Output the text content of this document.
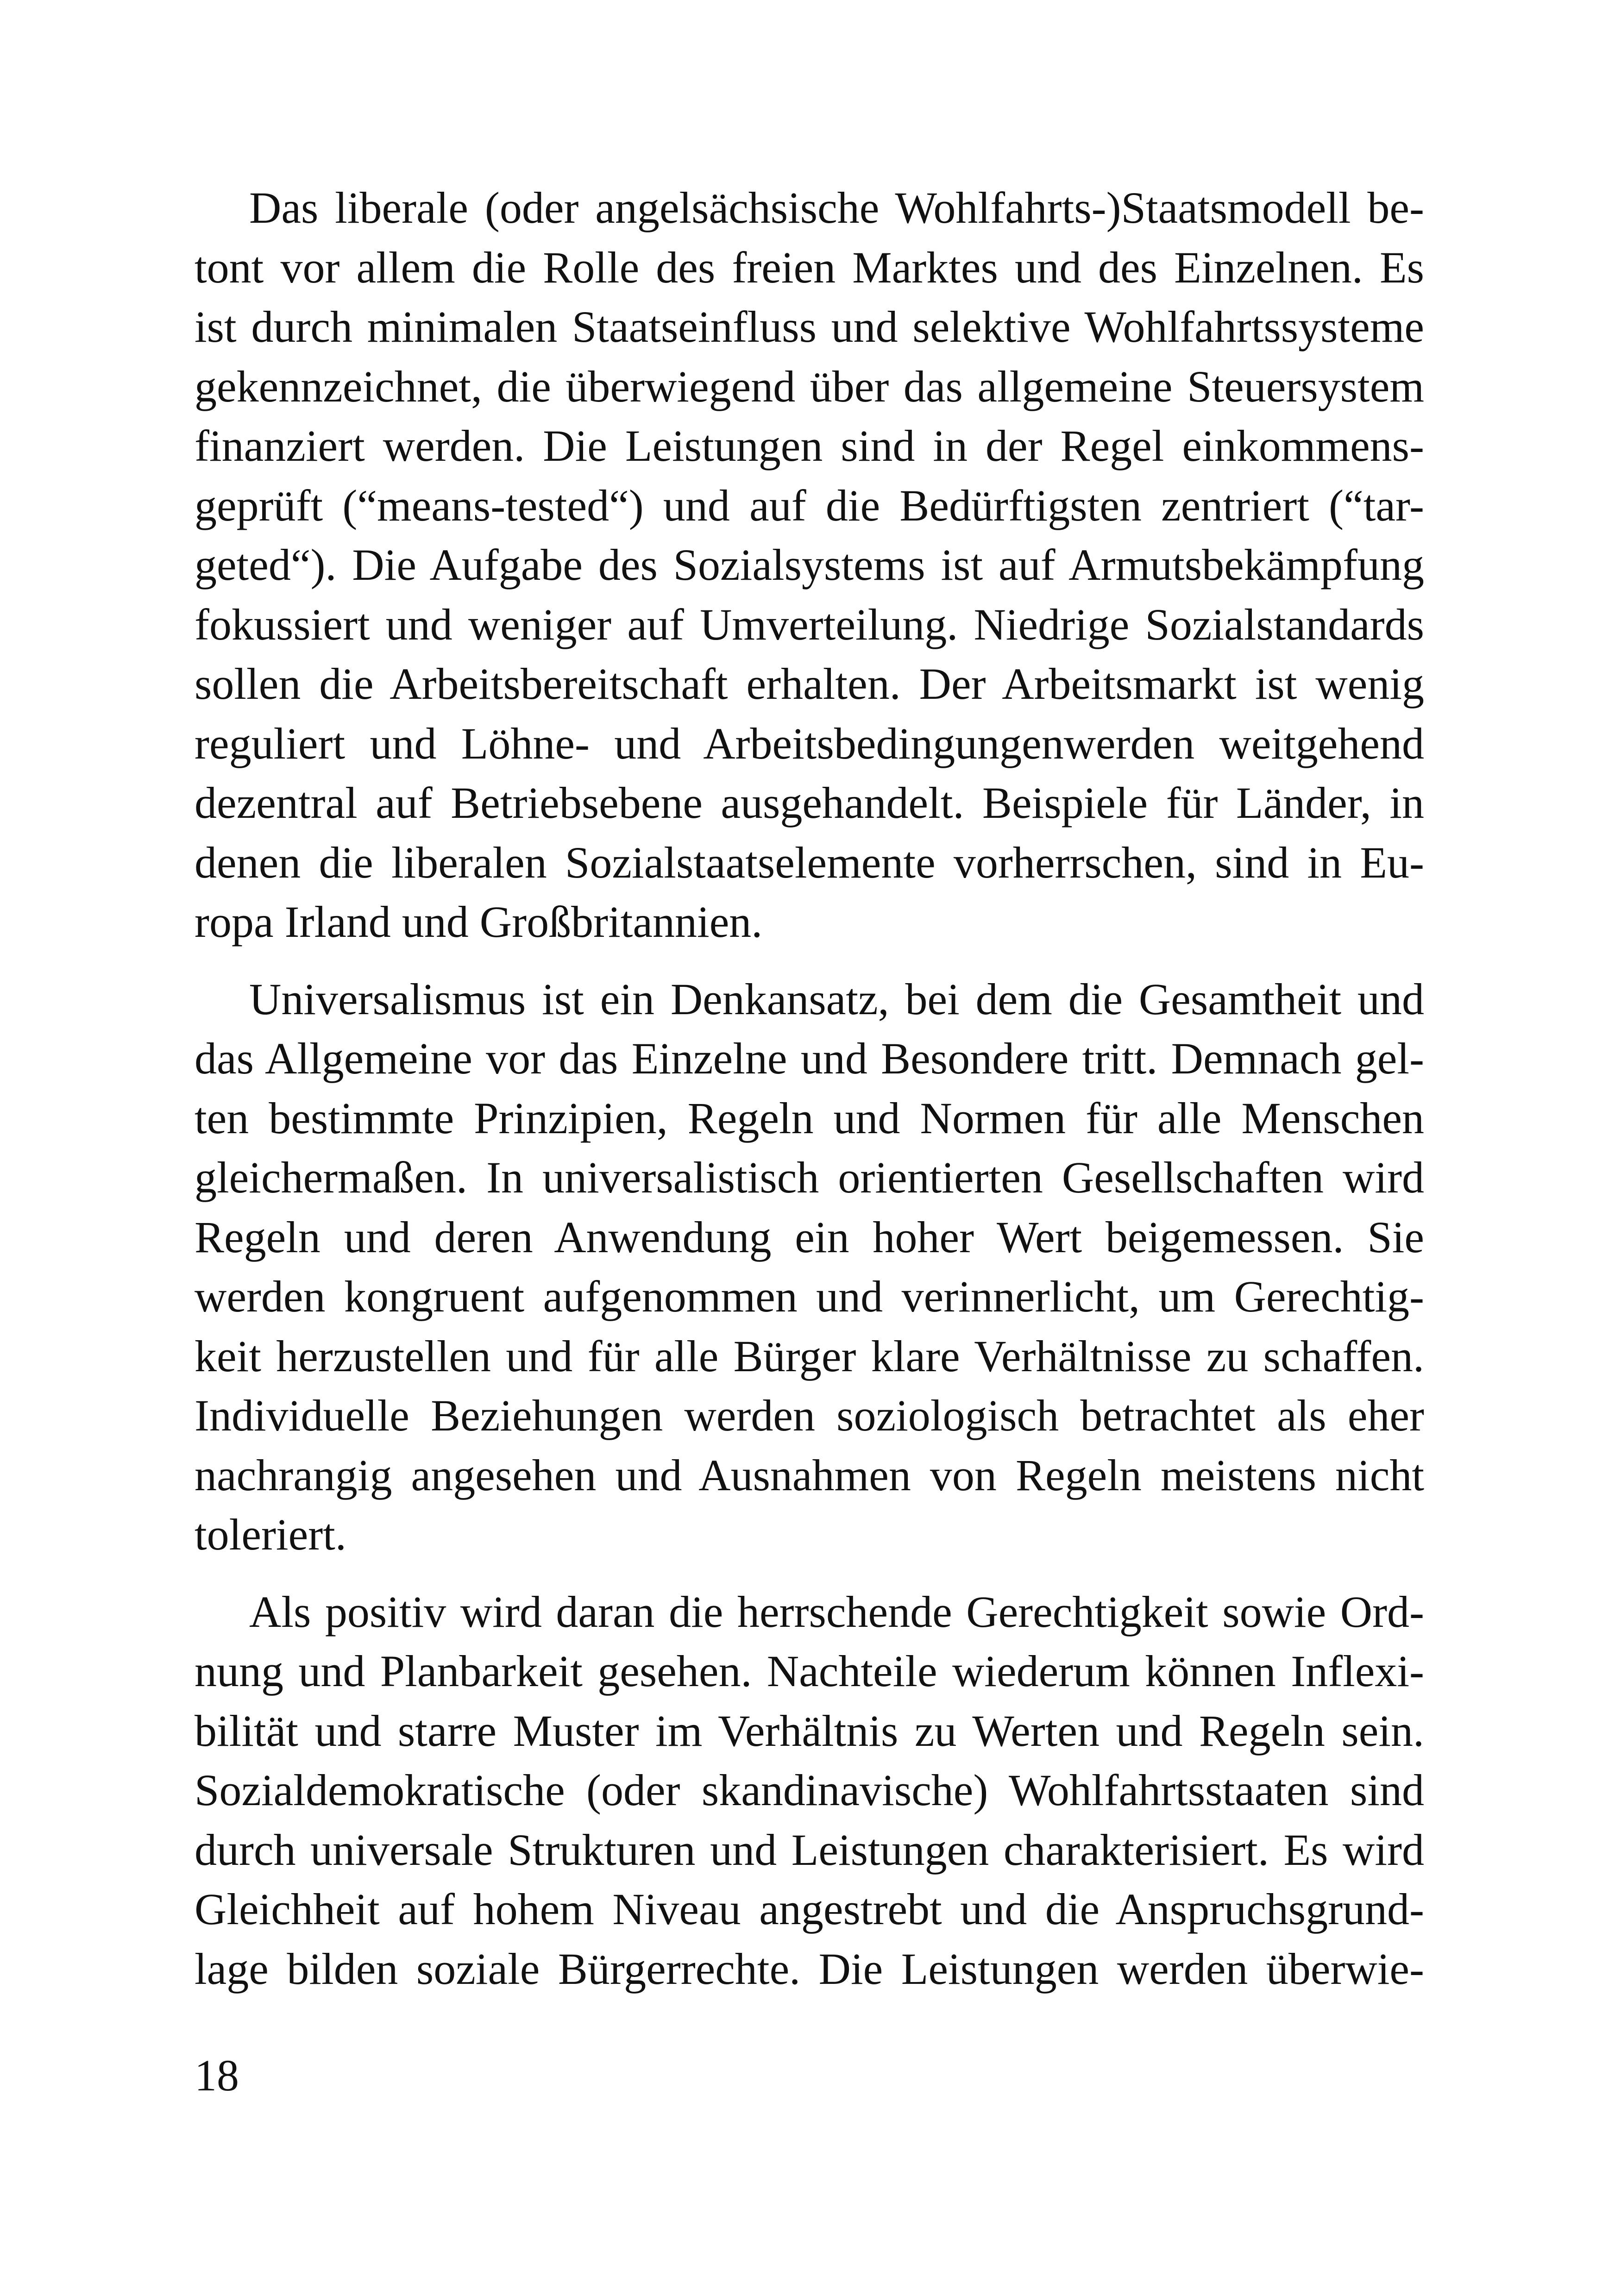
Das liberale (oder angelsächsische Wohlfahrts-)Staatsmodell be-
tont vor allem die Rolle des freien Marktes und des Einzelnen. Es
ist durch minimalen Staatseinfluss und selektive Wohlfahrtssysteme
gekennzeichnet, die überwiegend über das allgemeine Steuersystem
finanziert werden. Die Leistungen sind in der Regel einkommens-
geprüft (“means-tested“) und auf die Bedürftigsten zentriert (“tar-
geted“). Die Aufgabe des Sozialsystems ist auf Armutsbekämpfung
fokussiert und weniger auf Umverteilung. Niedrige Sozialstandards
sollen die Arbeitsbereitschaft erhalten. Der Arbeitsmarkt ist wenig
reguliert und Löhne- und Arbeitsbedingungenwerden weitgehend
dezentral auf Betriebsebene ausgehandelt. Beispiele für Länder, in
denen die liberalen Sozialstaatselemente vorherrschen, sind in Eu-
ropa Irland und Großbritannien.
Universalismus ist ein Denkansatz, bei dem die Gesamtheit und
das Allgemeine vor das Einzelne und Besondere tritt. Demnach gel-
ten bestimmte Prinzipien, Regeln und Normen für alle Menschen
gleichermaßen. In universalistisch orientierten Gesellschaften wird
Regeln und deren Anwendung ein hoher Wert beigemessen. Sie
werden kongruent aufgenommen und verinnerlicht, um Gerechtig-
keit herzustellen und für alle Bürger klare Verhältnisse zu schaffen.
Individuelle Beziehungen werden soziologisch betrachtet als eher
nachrangig angesehen und Ausnahmen von Regeln meistens nicht
toleriert.
Als positiv wird daran die herrschende Gerechtigkeit sowie Ord-
nung und Planbarkeit gesehen. Nachteile wiederum können Inflexi-
bilität und starre Muster im Verhältnis zu Werten und Regeln sein.
Sozialdemokratische (oder skandinavische) Wohlfahrtsstaaten sind
durch universale Strukturen und Leistungen charakterisiert. Es wird
Gleichheit auf hohem Niveau angestrebt und die Anspruchsgrund-
lage bilden soziale Bürgerrechte. Die Leistungen werden überwie-
18
